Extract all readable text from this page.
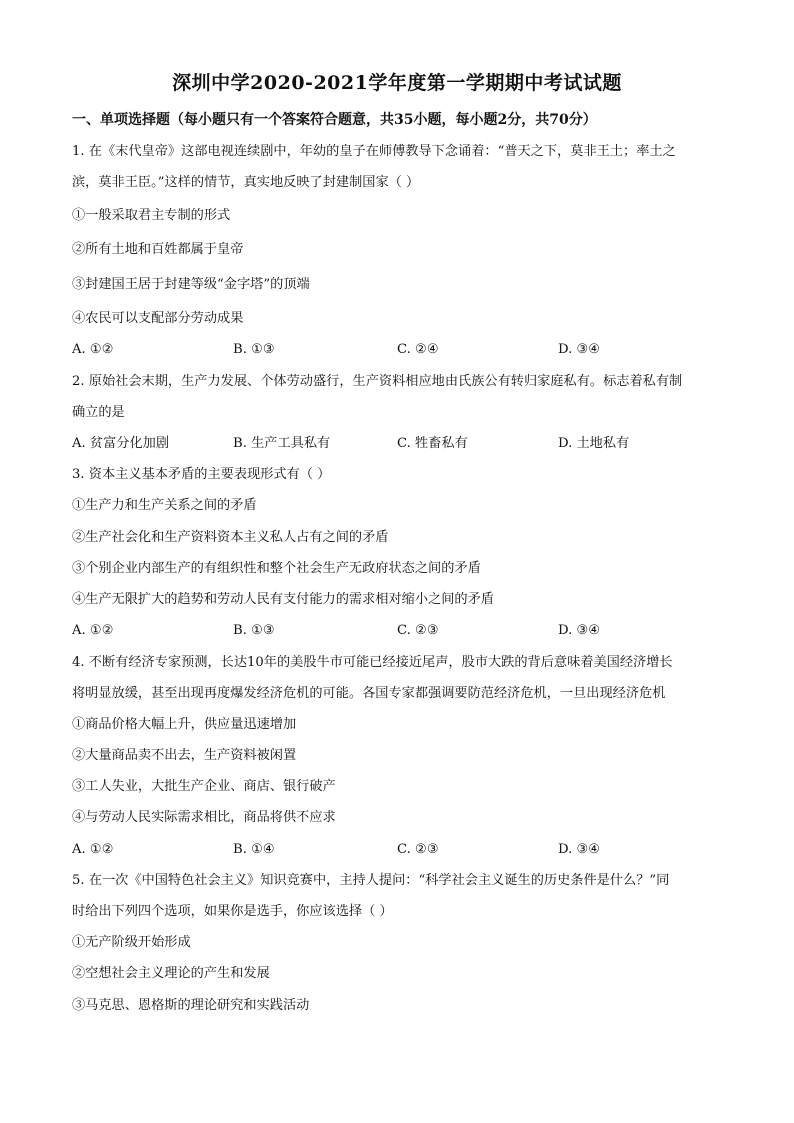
深圳中学2020-2021学年度第一学期期中考试试题
一、单项选择题（每小题只有一个答案符合题意，共35小题，每小题2分，共70分）
1. 在《末代皇帝》这部电视连续剧中，年幼的皇子在师傅教导下念诵着：“普天之下，莫非王土；率土之
滨，莫非王臣。”这样的情节，真实地反映了封建制国家（ ）
①一般采取君主专制的形式
②所有土地和百姓都属于皇帝
③封建国王居于封建等级“金字塔”的顶端
④农民可以支配部分劳动成果
A. ①②	B. ①③	C. ②④	D. ③④
2. 原始社会末期，生产力发展、个体劳动盛行，生产资料相应地由氏族公有转归家庭私有。标志着私有制
确立的是
A. 贫富分化加剧	B. 生产工具私有	C. 牲畜私有	D. 土地私有
3. 资本主义基本矛盾的主要表现形式有（ ）
①生产力和生产关系之间的矛盾
②生产社会化和生产资料资本主义私人占有之间的矛盾
③个别企业内部生产的有组织性和整个社会生产无政府状态之间的矛盾
④生产无限扩大的趋势和劳动人民有支付能力的需求相对缩小之间的矛盾
A. ①②	B. ①③	C. ②③	D. ③④
4. 不断有经济专家预测，长达10年的美股牛市可能已经接近尾声，股市大跌的背后意味着美国经济增长
将明显放缓，甚至出现再度爆发经济危机的可能。各国专家都强调要防范经济危机，一旦出现经济危机
①商品价格大幅上升，供应量迅速增加
②大量商品卖不出去，生产资料被闲置
③工人失业，大批生产企业、商店、银行破产
④与劳动人民实际需求相比，商品将供不应求
A. ①②	B. ①④	C. ②③	D. ③④
5. 在一次《中国特色社会主义》知识竞赛中，主持人提问：“科学社会主义诞生的历史条件是什么？”同
时给出下列四个选项，如果你是选手，你应该选择（ ）
①无产阶级开始形成
②空想社会主义理论的产生和发展
③马克思、恩格斯的理论研究和实践活动
